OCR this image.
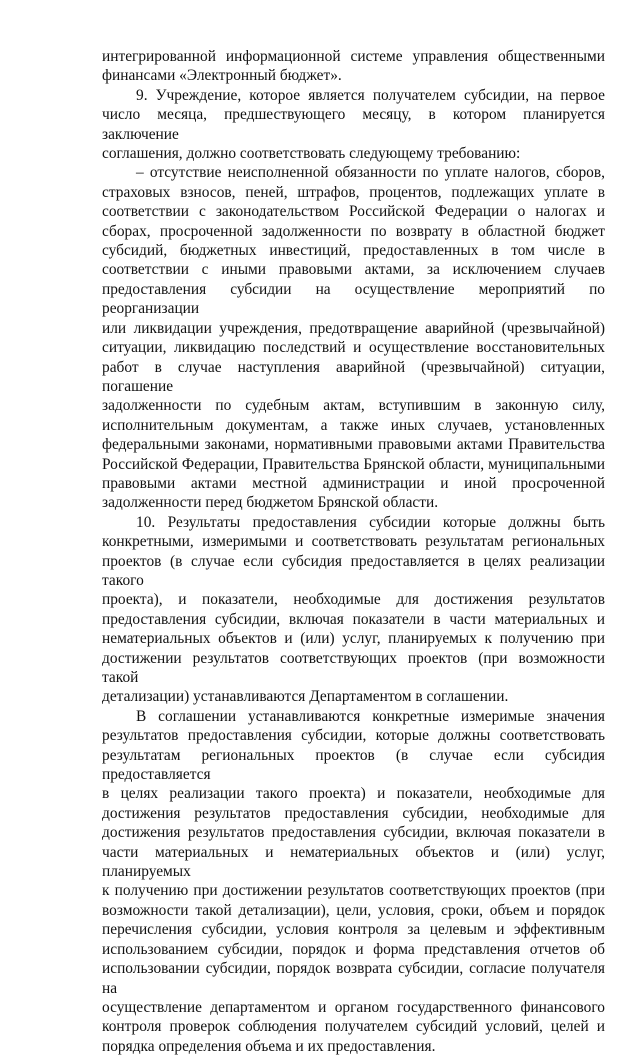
интегрированной информационной системе управления общественными

финансами «Электронный бюджет».

9. Учреждение, которое является получателем субсидии, на первое

число месяца, предшествующего месяцу, в котором планируется заключение

соглашения, должно соответствовать следующему требованию:

– отсутствие неисполненной обязанности по уплате налогов, сборов,

страховых взносов, пеней, штрафов, процентов, подлежащих уплате в

соответствии с законодательством Российской Федерации о налогах и

сборах, просроченной задолженности по возврату в областной бюджет

субсидий, бюджетных инвестиций, предоставленных в том числе в

соответствии с иными правовыми актами, за исключением случаев

предоставления субсидии на осуществление мероприятий по реорганизации

или ликвидации учреждения, предотвращение аварийной (чрезвычайной)

ситуации, ликвидацию последствий и осуществление восстановительных

работ в случае наступления аварийной (чрезвычайной) ситуации, погашение

задолженности по судебным актам, вступившим в законную силу,

исполнительным документам, а также иных случаев, установленных

федеральными законами, нормативными правовыми актами Правительства

Российской Федерации, Правительства Брянской области, муниципальными

правовыми актами местной администрации и иной просроченной

задолженности перед бюджетом Брянской области.

10. Результаты предоставления субсидии которые должны быть

конкретными, измеримыми и соответствовать результатам региональных

проектов (в случае если субсидия предоставляется в целях реализации такого

проекта), и показатели, необходимые для достижения результатов

предоставления субсидии, включая показатели в части материальных и

нематериальных объектов и (или) услуг, планируемых к получению при

достижении результатов соответствующих проектов (при возможности такой

детализации) устанавливаются Департаментом в соглашении.

В соглашении устанавливаются конкретные измеримые значения

результатов предоставления субсидии, которые должны соответствовать

результатам региональных проектов (в случае если субсидия предоставляется

в целях реализации такого проекта) и показатели, необходимые для

достижения результатов предоставления субсидии, необходимые для

достижения результатов предоставления субсидии, включая показатели в

части материальных и нематериальных объектов и (или) услуг, планируемых

к получению при достижении результатов соответствующих проектов (при

возможности такой детализации), цели, условия, сроки, объем и порядок

перечисления субсидии, условия контроля за целевым и эффективным

использованием субсидии, порядок и форма представления отчетов об

использовании субсидии, порядок возврата субсидии, согласие получателя на

осуществление департаментом и органом государственного финансового

контроля проверок соблюдения получателем субсидий условий, целей и

порядка определения объема и их предоставления.
